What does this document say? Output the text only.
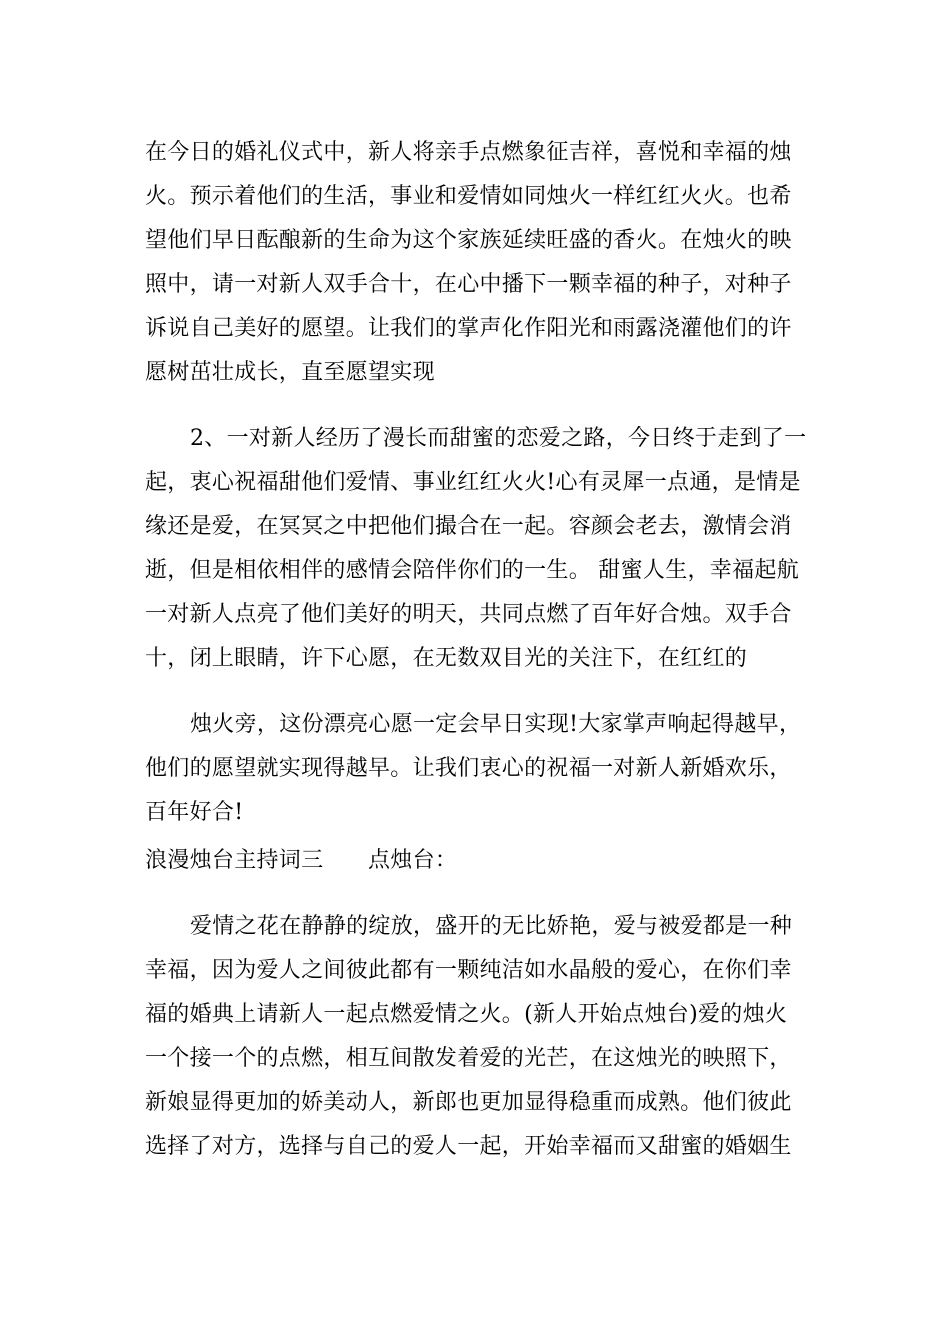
在今日的婚礼仪式中，新人将亲手点燃象征吉祥，喜悦和幸福的烛
火。预示着他们的生活，事业和爱情如同烛火一样红红火火。也希
望他们早日酝酿新的生命为这个家族延续旺盛的香火。在烛火的映
照中，请一对新人双手合十，在心中播下一颗幸福的种子，对种子
诉说自己美好的愿望。让我们的掌声化作阳光和雨露浇灌他们的许
愿树茁壮成长，直至愿望实现
2、一对新人经历了漫长而甜蜜的恋爱之路，今日终于走到了一
起，衷心祝福甜他们爱情、事业红红火火!心有灵犀一点通，是情是
缘还是爱，在冥冥之中把他们撮合在一起。容颜会老去，激情会消
逝，但是相依相伴的感情会陪伴你们的一生。 甜蜜人生，幸福起航
一对新人点亮了他们美好的明天，共同点燃了百年好合烛。双手合
十，闭上眼睛，许下心愿，在无数双目光的关注下，在红红的
烛火旁，这份漂亮心愿一定会早日实现!大家掌声响起得越早，
他们的愿望就实现得越早。让我们衷心的祝福一对新人新婚欢乐，
百年好合!
浪漫烛台主持词三　　点烛台：
爱情之花在静静的绽放，盛开的无比娇艳，爱与被爱都是一种
幸福，因为爱人之间彼此都有一颗纯洁如水晶般的爱心，在你们幸
福的婚典上请新人一起点燃爱情之火。(新人开始点烛台)爱的烛火
一个接一个的点燃，相互间散发着爱的光芒，在这烛光的映照下，
新娘显得更加的娇美动人，新郎也更加显得稳重而成熟。他们彼此
选择了对方，选择与自己的爱人一起，开始幸福而又甜蜜的婚姻生
